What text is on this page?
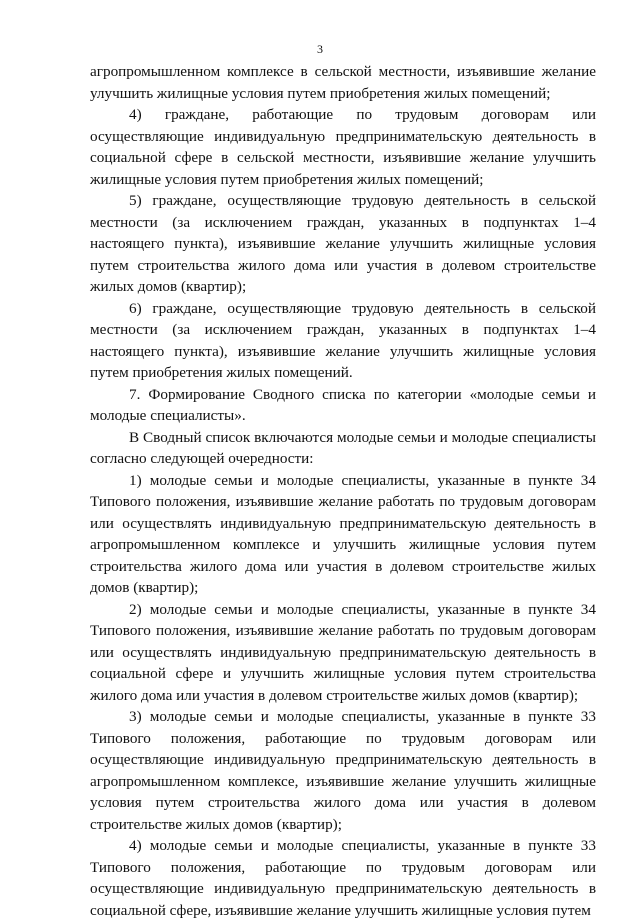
3

агропромышленном комплексе в сельской местности, изъявившие желание улучшить жилищные условия путем приобретения жилых помещений;

4) граждане, работающие по трудовым договорам или осуществляющие индивидуальную предпринимательскую деятельность в социальной сфере в сельской местности, изъявившие желание улучшить жилищные условия путем приобретения жилых помещений;

5) граждане, осуществляющие трудовую деятельность в сельской местности (за исключением граждан, указанных в подпунктах 1–4 настоящего пункта), изъявившие желание улучшить жилищные условия путем строительства жилого дома или участия в долевом строительстве жилых домов (квартир);

6) граждане, осуществляющие трудовую деятельность в сельской местности (за исключением граждан, указанных в подпунктах 1–4 настоящего пункта), изъявившие желание улучшить жилищные условия путем приобретения жилых помещений.

7. Формирование Сводного списка по категории «молодые семьи и молодые специалисты».

В Сводный список включаются молодые семьи и молодые специалисты согласно следующей очередности:

1) молодые семьи и молодые специалисты, указанные в пункте 34 Типового положения, изъявившие желание работать по трудовым договорам или осуществлять индивидуальную предпринимательскую деятельность в агропромышленном комплексе и улучшить жилищные условия путем строительства жилого дома или участия в долевом строительстве жилых домов (квартир);

2) молодые семьи и молодые специалисты, указанные в пункте 34 Типового положения, изъявившие желание работать по трудовым договорам или осуществлять индивидуальную предпринимательскую деятельность в социальной сфере и улучшить жилищные условия путем строительства жилого дома или участия в долевом строительстве жилых домов (квартир);

3) молодые семьи и молодые специалисты, указанные в пункте 33 Типового положения, работающие по трудовым договорам или осуществляющие индивидуальную предпринимательскую деятельность в агропромышленном комплексе, изъявившие желание улучшить жилищные условия путем строительства жилого дома или участия в долевом строительстве жилых домов (квартир);

4) молодые семьи и молодые специалисты, указанные в пункте 33 Типового положения, работающие по трудовым договорам или осуществляющие индивидуальную предпринимательскую деятельность в социальной сфере, изъявившие желание улучшить жилищные условия путем
